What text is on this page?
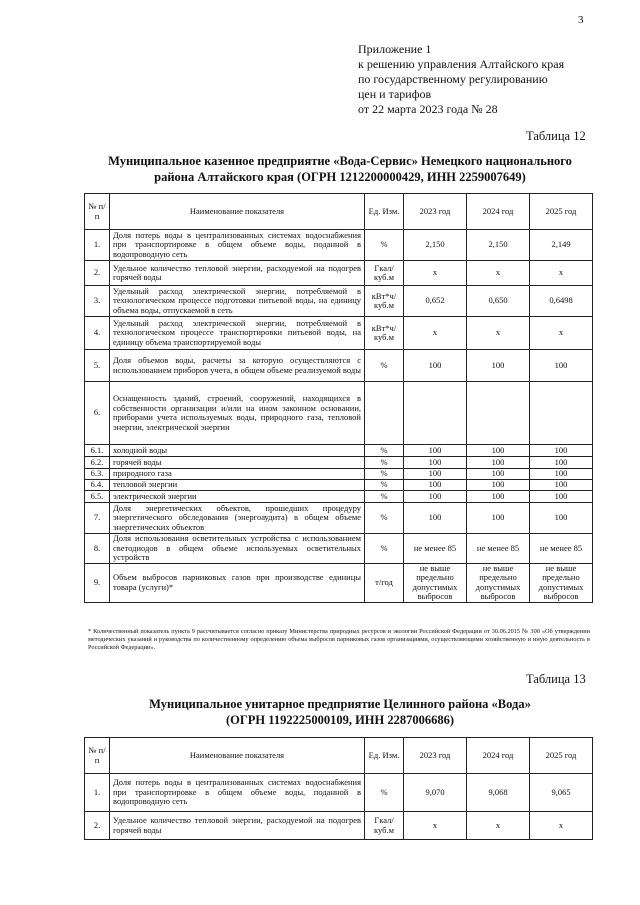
3
Приложение 1
к решению управления Алтайского края
по государственному регулированию
цен и тарифов
от 22 марта 2023 года № 28
Таблица 12
Муниципальное казенное предприятие «Вода-Сервис» Немецкого национального
района Алтайского края (ОГРН 1212200000429, ИНН 2259007649)
№ п/п	Наименование показателя	Ед. Изм.	2023 год	2024 год	2025 год
1.	Доля потерь воды в централизованных системах водоснабжения при транспортировке в общем объеме воды, поданной в водопроводную сеть	%	2,150	2,150	2,149
2.	Удельное количество тепловой энергии, расходуемой на подогрев горячей воды	Гкал/ куб.м	х	х	х
3.	Удельный расход электрической энергии, потребляемой в технологическом процессе подготовки питьевой воды, на единицу объема воды, отпускаемой в сеть	кВт*ч/ куб.м	0,652	0,650	0,6498
4.	Удельный расход электрической энергии, потребляемой в технологическом процессе транспортировки питьевой воды, на единицу объема транспортируемой воды	кВт*ч/ куб.м	х	х	х
5.	Доля объемов воды, расчеты за которую осуществляются с использованием приборов учета, в общем объеме реализуемой воды	%	100	100	100
6.	Оснащенность зданий, строений, сооружений, находящихся в собственности организации и/или на ином законном основании, приборами учета используемых воды, природного газа, тепловой энергии, электрической энергии				
6.1.	холодной воды	%	100	100	100
6.2.	горячей воды	%	100	100	100
6.3.	природного газа	%	100	100	100
6.4.	тепловой энергии	%	100	100	100
6.5.	электрической энергии	%	100	100	100
7.	Доля энергетических объектов, прошедших процедуру энергетического обследования (энергоаудита) в общем объеме энергетических объектов	%	100	100	100
8.	Доля использования осветительных устройства с использованием светодиодов в общем объеме используемых осветительных устройств	%	не менее 85	не менее 85	не менее 85
9.	Объем выбросов парниковых газов при производстве единицы товара (услуги)*	т/год	не выше предельно допустимых выбросов	не выше предельно допустимых выбросов	не выше предельно допустимых выбросов
* Количественный показатель пункта 9 рассчитывается согласно приказу Министерства природных ресурсов и экологии Российской Федерации от 30.06.2015 № 300 «Об утверждении методических указаний и руководства по количественному определению объема выбросов парниковых газов организациями, осуществляющими хозяйственную и иную деятельность в Российской Федерации».
Таблица 13
Муниципальное унитарное предприятие Целинного района «Вода»
(ОГРН 1192225000109, ИНН 2287006686)
№ п/п	Наименование показателя	Ед. Изм.	2023 год	2024 год	2025 год
1.	Доля потерь воды в централизованных системах водоснабжения при транспортировке в общем объеме воды, поданной в водопроводную сеть	%	9,070	9,068	9,065
2.	Удельное количество тепловой энергии, расходуемой на подогрев горячей воды	Гкал/ куб.м	х	х	х
